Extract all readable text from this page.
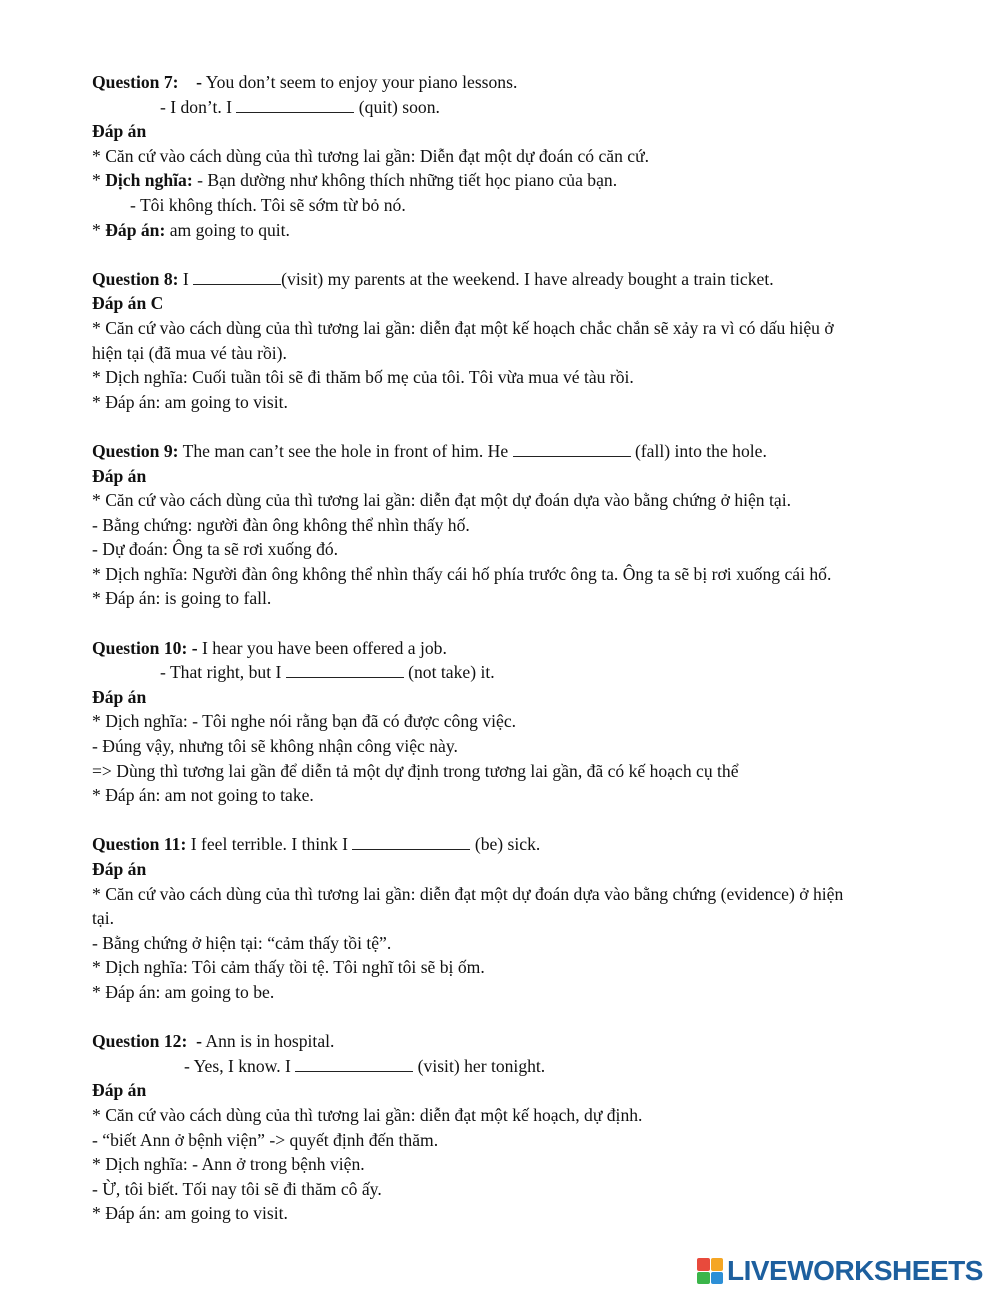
Question 7: - You don’t seem to enjoy your piano lessons.
- I don’t. I	(quit) soon.
Đáp án
* Căn cứ vào cách dùng của thì tương lai gần: Diễn đạt một dự đoán có căn cứ.
* Dịch nghĩa: - Bạn dường như không thích những tiết học piano của bạn.
- Tôi không thích. Tôi sẽ sớm từ bỏ nó.
* Đáp án: am going to quit.
Question 8: I	(visit) my parents at the weekend. I have already bought a train ticket.
Đáp án C
* Căn cứ vào cách dùng của thì tương lai gần: diễn đạt một kế hoạch chắc chắn sẽ xảy ra vì có dấu hiệu ở
hiện tại (đã mua vé tàu rồi).
* Dịch nghĩa: Cuối tuần tôi sẽ đi thăm bố mẹ của tôi. Tôi vừa mua vé tàu rồi.
* Đáp án: am going to visit.
Question 9: The man can’t see the hole in front of him. He	(fall) into the hole.
Đáp án
* Căn cứ vào cách dùng của thì tương lai gần: diễn đạt một dự đoán dựa vào bằng chứng ở hiện tại.
- Bằng chứng: người đàn ông không thể nhìn thấy hố.
- Dự đoán: Ông ta sẽ rơi xuống đó.
* Dịch nghĩa: Người đàn ông không thể nhìn thấy cái hố phía trước ông ta. Ông ta sẽ bị rơi xuống cái hố.
* Đáp án: is going to fall.
Question 10: - I hear you have been offered a job.
- That right, but I	(not take) it.
Đáp án
* Dịch nghĩa: - Tôi nghe nói rằng bạn đã có được công việc.
- Đúng vậy, nhưng tôi sẽ không nhận công việc này.
=> Dùng thì tương lai gần để diễn tả một dự định trong tương lai gần, đã có kế hoạch cụ thể
* Đáp án: am not going to take.
Question 11: I feel terrible. I think I	(be) sick.
Đáp án
* Căn cứ vào cách dùng của thì tương lai gần: diễn đạt một dự đoán dựa vào bằng chứng (evidence) ở hiện
tại.
- Bằng chứng ở hiện tại: “cảm thấy tồi tệ”.
* Dịch nghĩa: Tôi cảm thấy tồi tệ. Tôi nghĩ tôi sẽ bị ốm.
* Đáp án: am going to be.
Question 12: - Ann is in hospital.
- Yes, I know. I	(visit) her tonight.
Đáp án
* Căn cứ vào cách dùng của thì tương lai gần: diễn đạt một kế hoạch, dự định.
- “biết Ann ở bệnh viện” -> quyết định đến thăm.
* Dịch nghĩa: - Ann ở trong bệnh viện.
- Ừ, tôi biết. Tối nay tôi sẽ đi thăm cô ấy.
* Đáp án: am going to visit.
LIVEWORKSHEETS
